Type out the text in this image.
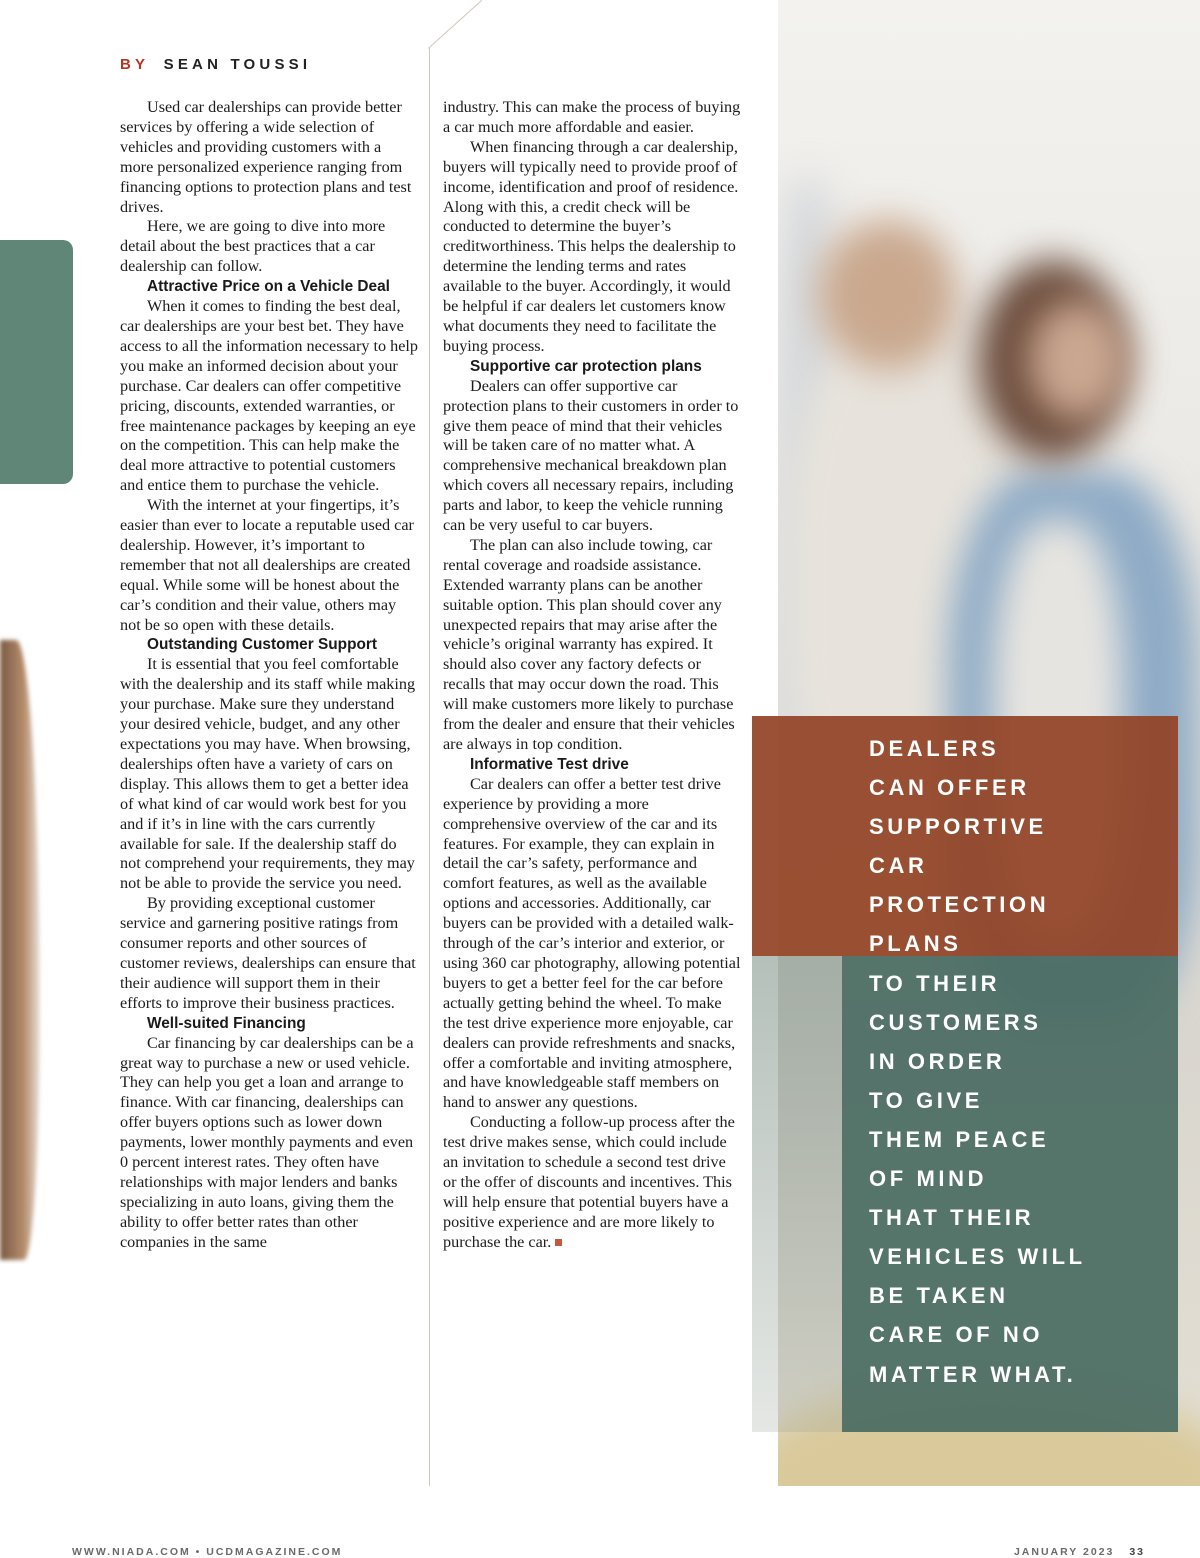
BY SEAN TOUSSI

Used car dealerships can provide better services by offering a wide selection of vehicles and providing customers with a more personalized experience ranging from financing options to protection plans and test drives.

Here, we are going to dive into more detail about the best practices that a car dealership can follow.

Attractive Price on a Vehicle Deal

When it comes to finding the best deal, car dealerships are your best bet. They have access to all the information necessary to help you make an informed decision about your purchase. Car dealers can offer competitive pricing, discounts, extended warranties, or free maintenance packages by keeping an eye on the competition. This can help make the deal more attractive to potential customers and entice them to purchase the vehicle.

With the internet at your fingertips, it’s easier than ever to locate a reputable used car dealership. However, it’s important to remember that not all dealerships are created equal. While some will be honest about the car’s condition and their value, others may not be so open with these details.

Outstanding Customer Support

It is essential that you feel comfortable with the dealership and its staff while making your purchase. Make sure they understand your desired vehicle, budget, and any other expectations you may have. When browsing, dealerships often have a variety of cars on display. This allows them to get a better idea of what kind of car would work best for you and if it’s in line with the cars currently available for sale. If the dealership staff do not comprehend your requirements, they may not be able to provide the service you need.

By providing exceptional customer service and garnering positive ratings from consumer reports and other sources of customer reviews, dealerships can ensure that their audience will support them in their efforts to improve their business practices.

Well-suited Financing

Car financing by car dealerships can be a great way to purchase a new or used vehicle. They can help you get a loan and arrange to finance. With car financing, dealerships can offer buyers options such as lower down payments, lower monthly payments and even 0 percent interest rates. They often have relationships with major lenders and banks specializing in auto loans, giving them the ability to offer better rates than other companies in the same

industry. This can make the process of buying a car much more affordable and easier.

When financing through a car dealership, buyers will typically need to provide proof of income, identification and proof of residence. Along with this, a credit check will be conducted to determine the buyer’s creditworthiness. This helps the dealership to determine the lending terms and rates available to the buyer. Accordingly, it would be helpful if car dealers let customers know what documents they need to facilitate the buying process.

Supportive car protection plans

Dealers can offer supportive car protection plans to their customers in order to give them peace of mind that their vehicles will be taken care of no matter what. A comprehensive mechanical breakdown plan which covers all necessary repairs, including parts and labor, to keep the vehicle running can be very useful to car buyers.

The plan can also include towing, car rental coverage and roadside assistance. Extended warranty plans can be another suitable option. This plan should cover any unexpected repairs that may arise after the vehicle’s original warranty has expired. It should also cover any factory defects or recalls that may occur down the road. This will make customers more likely to purchase from the dealer and ensure that their vehicles are always in top condition.

Informative Test drive

Car dealers can offer a better test drive experience by providing a more comprehensive overview of the car and its features. For example, they can explain in detail the car’s safety, performance and comfort features, as well as the available options and accessories. Additionally, car buyers can be provided with a detailed walk-through of the car’s interior and exterior, or using 360 car photography, allowing potential buyers to get a better feel for the car before actually getting behind the wheel. To make the test drive experience more enjoyable, car dealers can provide refreshments and snacks, offer a comfortable and inviting atmosphere, and have knowledgeable staff members on hand to answer any questions.

Conducting a follow-up process after the test drive makes sense, which could include an invitation to schedule a second test drive or the offer of discounts and incentives. This will help ensure that potential buyers have a positive experience and are more likely to purchase the car.

DEALERS
CAN OFFER
SUPPORTIVE
CAR
PROTECTION
PLANS
TO THEIR
CUSTOMERS
IN ORDER
TO GIVE
THEM PEACE
OF MIND
THAT THEIR
VEHICLES WILL
BE TAKEN
CARE OF NO
MATTER WHAT.
WWW.NIADA.COM • UCDMAGAZINE.COM	JANUARY 2023 33
